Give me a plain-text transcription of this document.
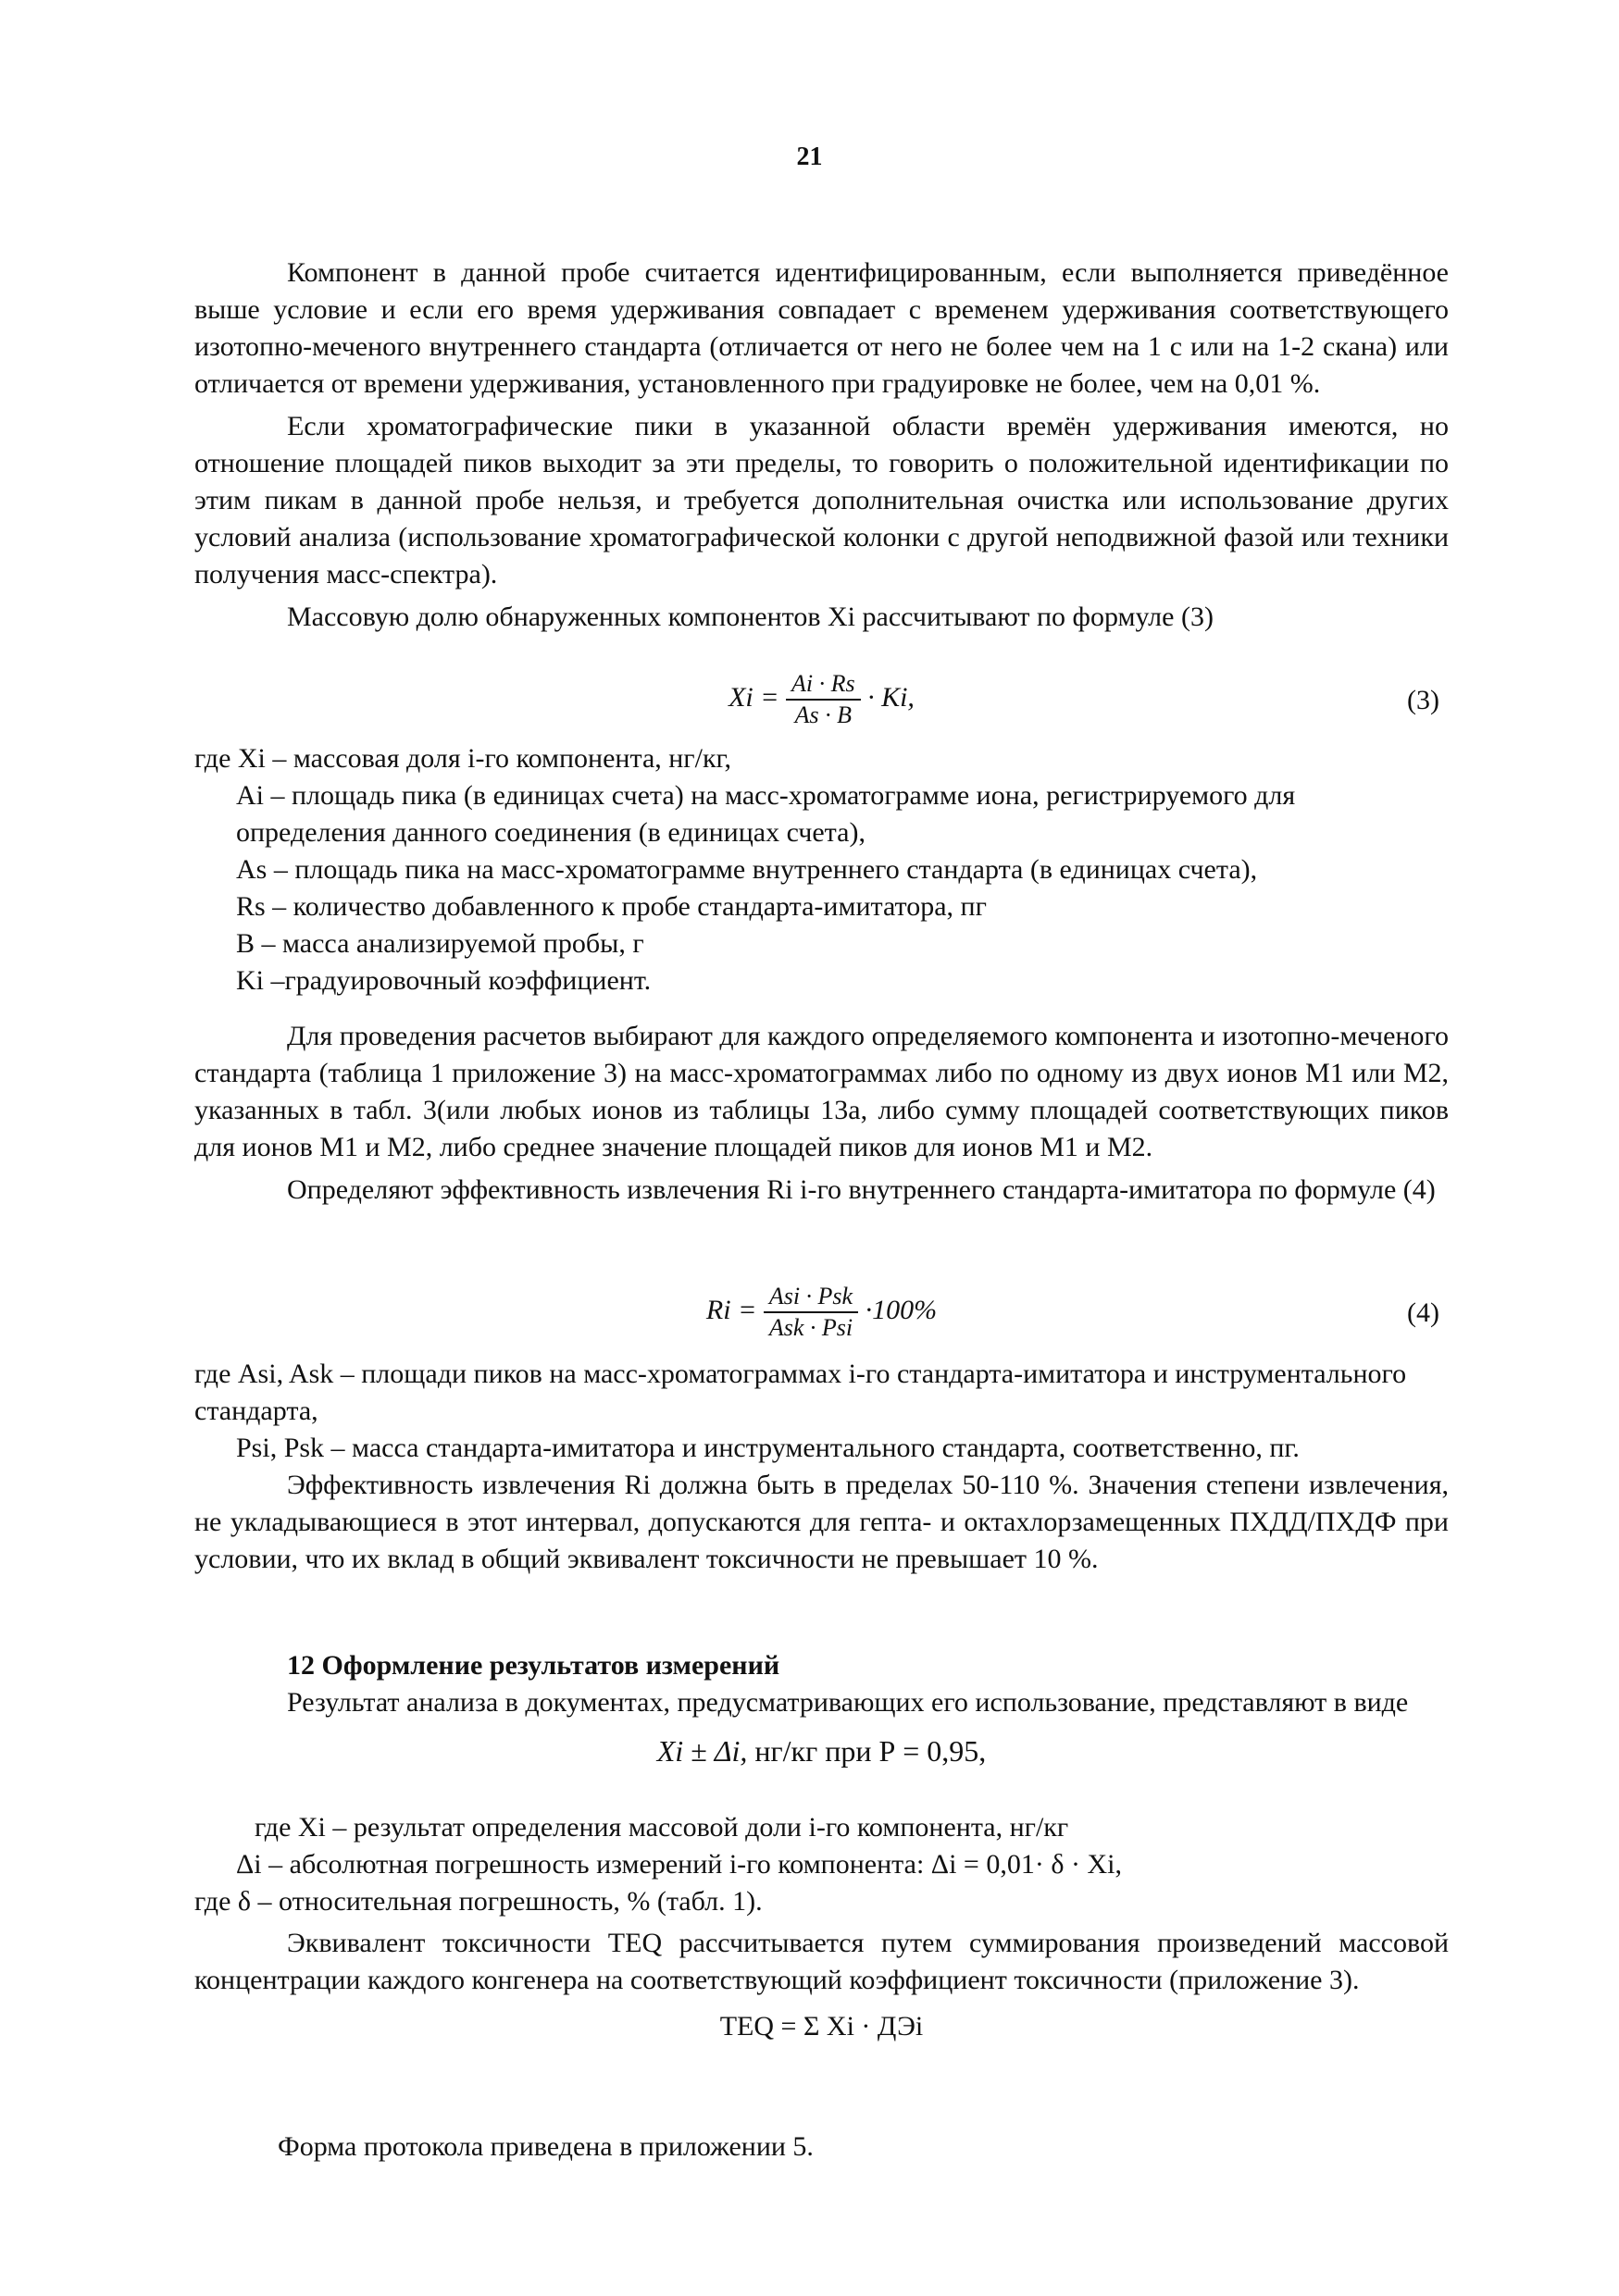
21

Компонент в данной пробе считается идентифицированным, если выполняется приведённое выше условие и если его время удерживания совпадает с временем удерживания соответствующего изотопно-меченого внутреннего стандарта (отличается от него не более чем на 1 с или на 1-2 скана) или отличается от времени удерживания, установленного при градуировке не более, чем на 0,01 %.

Если хроматографические пики в указанной области времён удерживания имеются, но отношение площадей пиков выходит за эти пределы, то говорить о положительной идентификации по этим пикам в данной пробе нельзя, и требуется дополнительная очистка или использование других условий анализа (использование хроматографической колонки с другой неподвижной фазой или техники получения масс-спектра).

Массовую долю обнаруженных компонентов Xi рассчитывают по формуле (3)

$Xi = \frac{Ai \cdot Rs}{As \cdot B} \cdot Ki$,	(3)

где Xi – массовая доля i-го компонента, нг/кг,

Ai – площадь пика (в единицах счета) на масс-хроматограмме иона, регистрируемого для определения данного соединения (в единицах счета),

As – площадь пика на масс-хроматограмме внутреннего стандарта (в единицах счета),

Rs – количество добавленного к пробе стандарта-имитатора, пг

В – масса анализируемой пробы, г

Ki –градуировочный коэффициент.

Для проведения расчетов выбирают для каждого определяемого компонента и изотопно-меченого стандарта (таблица 1 приложение 3) на масс-хроматограммах либо по одному из двух ионов М1 или М2, указанных в табл. 3(или любых ионов из таблицы 13а, либо сумму площадей соответствующих пиков для ионов М1 и М2, либо среднее значение площадей пиков для ионов М1 и М2.

Определяют эффективность извлечения Ri i-го внутреннего стандарта-имитатора по формуле (4)

$Ri = \frac{\text{Asi · Psk}}{\text{Ask · Psi}} \cdot 100\%$	(4)

где Asi, Ask – площади пиков на масс-хроматограммах i-го стандарта-имитатора и инструментального стандарта,

Psi, Psk – масса стандарта-имитатора и инструментального стандарта, соответственно, пг.

Эффективность извлечения Ri должна быть в пределах 50-110 %. Значения степени извлечения, не укладывающиеся в этот интервал, допускаются для гепта- и октахлорзамещенных ПХДД/ПХДФ при условии, что их вклад в общий эквивалент токсичности не превышает 10 %.

12 Оформление результатов измерений

Результат анализа в документах, предусматривающих его использование, представляют в виде

Xi ± Δi, нг/кг при Р = 0,95,

где Xi – результат определения массовой доли i-го компонента, нг/кг

Δi – абсолютная погрешность измерений i-го компонента: Δi = 0,01· δ · Xi,

где δ – относительная погрешность, % (табл. 1).

Эквивалент токсичности TEQ рассчитывается путем суммирования произведений массовой концентрации каждого конгенера на соответствующий коэффициент токсичности (приложение 3).

TEQ = Σ Xi · ДЭi

Форма протокола приведена в приложении 5.
